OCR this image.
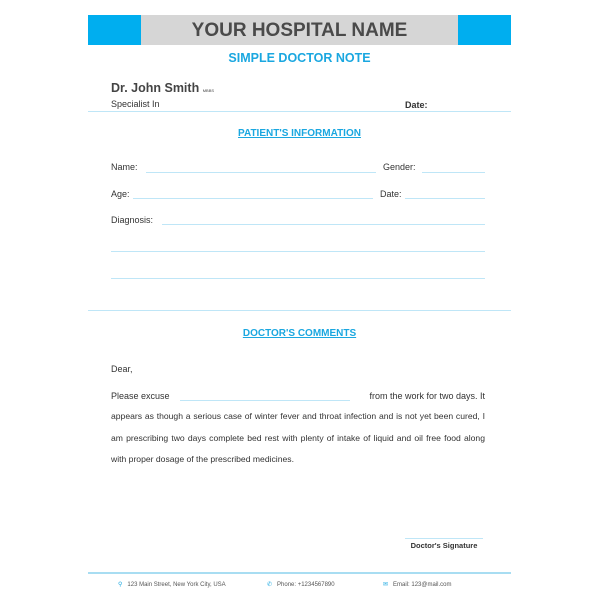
YOUR HOSPITAL NAME
SIMPLE DOCTOR NOTE
Dr. John Smith MBBS
Specialist In	Date:
PATIENT'S INFORMATION
Name:	Gender:
Age:	Date:
Diagnosis:
DOCTOR'S COMMENTS
Dear,
Please excuse	from the work for two days. It
appears as though a serious case of winter fever and throat infection and is not yet been cured, I am prescribing two days complete bed rest with plenty of intake of liquid and oil free food along with proper dosage of the prescribed medicines.
Doctor's Signature
⚲ 123 Main Street, New York City, USA	✆ Phone: +1234567890	✉ Email: 123@mail.com
